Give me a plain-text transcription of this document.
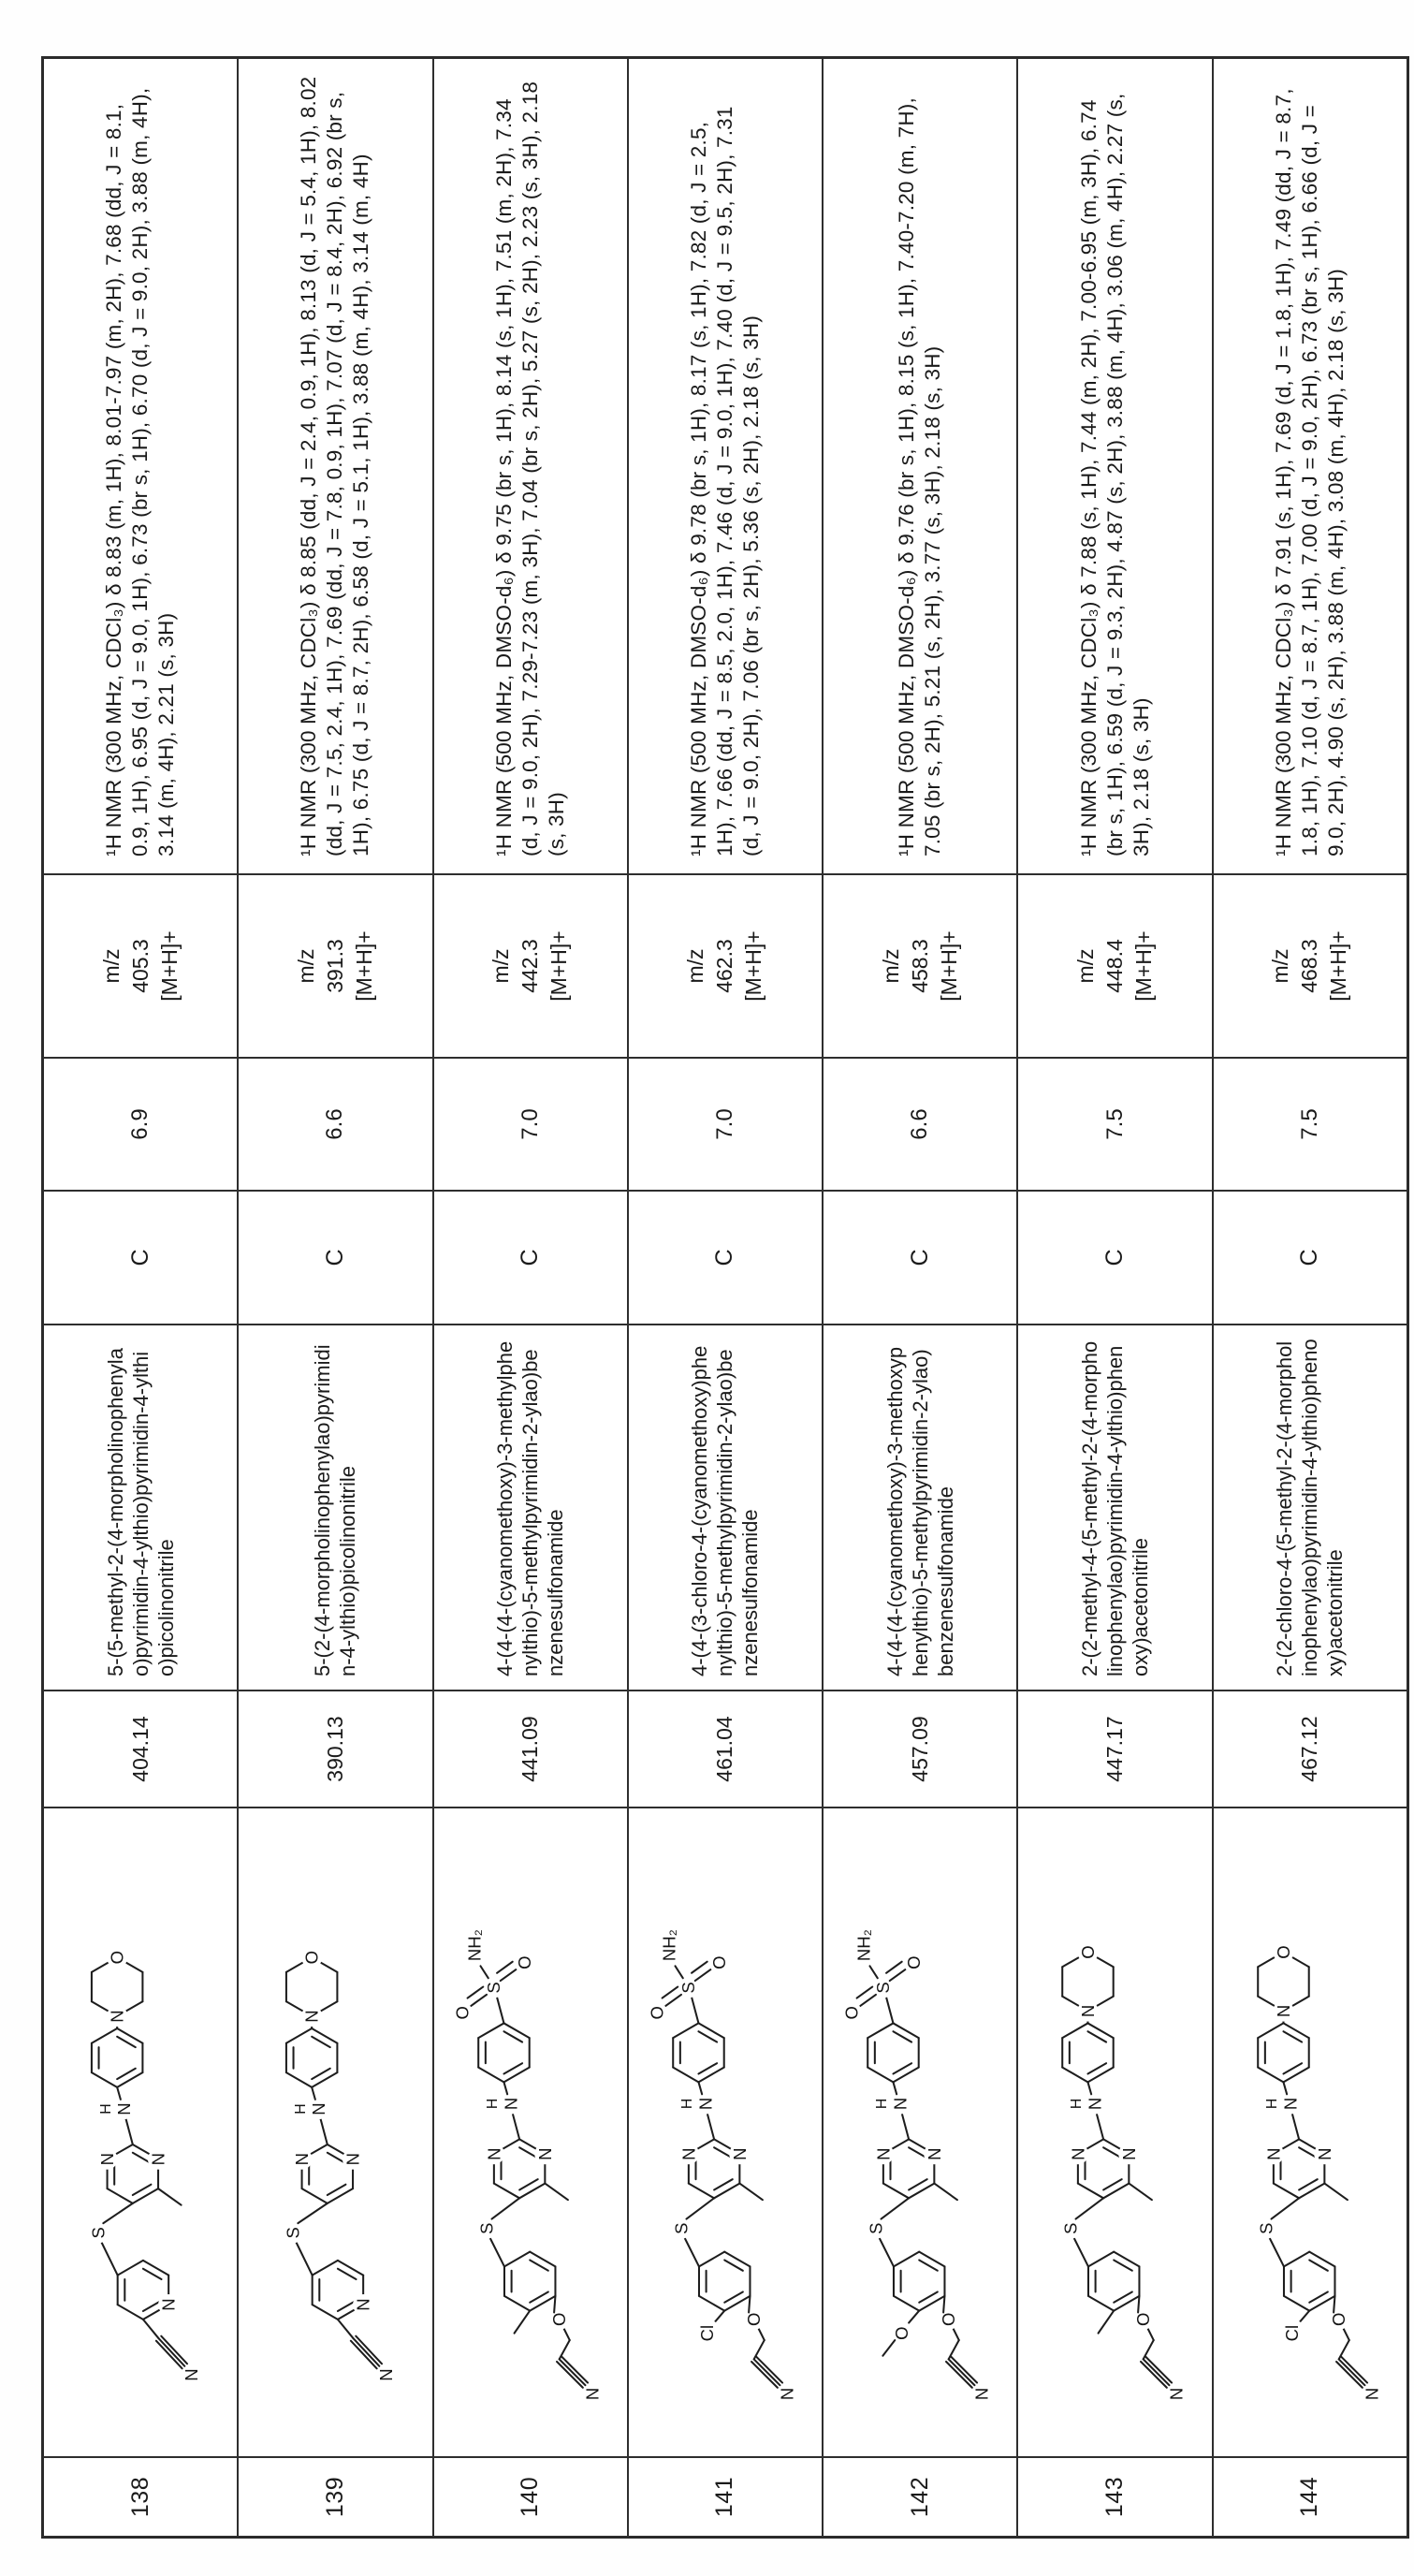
138
N
N
S
N N
N
H
N
O
404.14
5-(5-methyl-2-(4-morpholinophenylao)pyrimidin-4-ylthio)pyrimidin-4-ylthio)picolinonitrile
C
6.9
m/z 405.3 [M+H]+
¹H NMR (300 MHz, CDCl₃) δ 8.83 (m, 1H), 8.01-7.97 (m, 2H), 7.68 (dd, J = 8.1, 0.9, 1H), 6.95 (d, J = 9.0, 1H), 6.73 (br s, 1H), 6.70 (d, J = 9.0, 2H), 3.88 (m, 4H), 3.14 (m, 4H), 2.21 (s, 3H)
139
N
N
S
N N
N
H
N
O
390.13
5-(2-(4-morpholinophenylao)pyrimidin-4-ylthio)picolinonitrile
C
6.6
m/z 391.3 [M+H]+
¹H NMR (300 MHz, CDCl₃) δ 8.85 (dd, J = 2.4, 0.9, 1H), 8.13 (d, J = 5.4, 1H), 8.02 (dd, J = 7.5, 2.4, 1H), 7.69 (dd, J = 7.8, 0.9, 1H), 7.07 (d, J = 8.4, 2H), 6.92 (br s, 1H), 6.75 (d, J = 8.7, 2H), 6.58 (d, J = 5.1, 1H), 3.88 (m, 4H), 3.14 (m, 4H)
140
N
O
S
N N
N
H
S
O
O
NH₂
441.09
4-(4-(4-(cyanomethoxy)-3-methylphenylthio)-5-methylpyrimidin-2-ylao)benzenesulfonamide
C
7.0
m/z 442.3 [M+H]+
¹H NMR (500 MHz, DMSO-d₆) δ 9.75 (br s, 1H), 8.14 (s, 1H), 7.51 (m, 2H), 7.34 (d, J = 9.0, 2H), 7.29-7.23 (m, 3H), 7.04 (br s, 2H), 5.27 (s, 2H), 2.23 (s, 3H), 2.18 (s, 3H)
141
N
O
Cl
S
N N
N
H
S
O
O
NH₂
461.04
4-(4-(3-chloro-4-(cyanomethoxy)phenylthio)-5-methylpyrimidin-2-ylao)benzenesulfonamide
C
7.0
m/z 462.3 [M+H]+
¹H NMR (500 MHz, DMSO-d₆) δ 9.78 (br s, 1H), 8.17 (s, 1H), 7.82 (d, J = 2.5, 1H), 7.66 (dd, J = 8.5, 2.0, 1H), 7.46 (d, J = 9.0, 1H), 7.40 (d, J = 9.5, 2H), 7.31 (d, J = 9.0, 2H), 7.06 (br s, 2H), 5.36 (s, 2H), 2.18 (s, 3H)
142
N
O
O
S
N N
N
H
S
O
O
NH₂
457.09
4-(4-(4-(cyanomethoxy)-3-methoxyphenylthio)-5-methylpyrimidin-2-ylao)benzenesulfonamide
C
6.6
m/z 458.3 [M+H]+
¹H NMR (500 MHz, DMSO-d₆) δ 9.76 (br s, 1H), 8.15 (s, 1H), 7.40-7.20 (m, 7H), 7.05 (br s, 2H), 5.21 (s, 2H), 3.77 (s, 3H), 2.18 (s, 3H)
143
N
O
S
N N
N
H
N
O
447.17
2-(2-methyl-4-(5-methyl-2-(4-morpholinophenylao)pyrimidin-4-ylthio)phenoxy)acetonitrile
C
7.5
m/z 448.4 [M+H]+
¹H NMR (300 MHz, CDCl₃) δ 7.88 (s, 1H), 7.44 (m, 2H), 7.00-6.95 (m, 3H), 6.74 (br s, 1H), 6.59 (d, J = 9.3, 2H), 4.87 (s, 2H), 3.88 (m, 4H), 3.06 (m, 4H), 2.27 (s, 3H), 2.18 (s, 3H)
144
N
O
Cl
S
N N
N
H
N
O
467.12
2-(2-chloro-4-(5-methyl-2-(4-morpholinophenylao)pyrimidin-4-ylthio)phenoxy)acetonitrile
C
7.5
m/z 468.3 [M+H]+
¹H NMR (300 MHz, CDCl₃) δ 7.91 (s, 1H), 7.69 (d, J = 1.8, 1H), 7.49 (dd, J = 8.7, 1.8, 1H), 7.10 (d, J = 8.7, 1H), 7.00 (d, J = 9.0, 2H), 6.73 (br s, 1H), 6.66 (d, J = 9.0, 2H), 4.90 (s, 2H), 3.88 (m, 4H), 3.08 (m, 4H), 2.18 (s, 3H)
